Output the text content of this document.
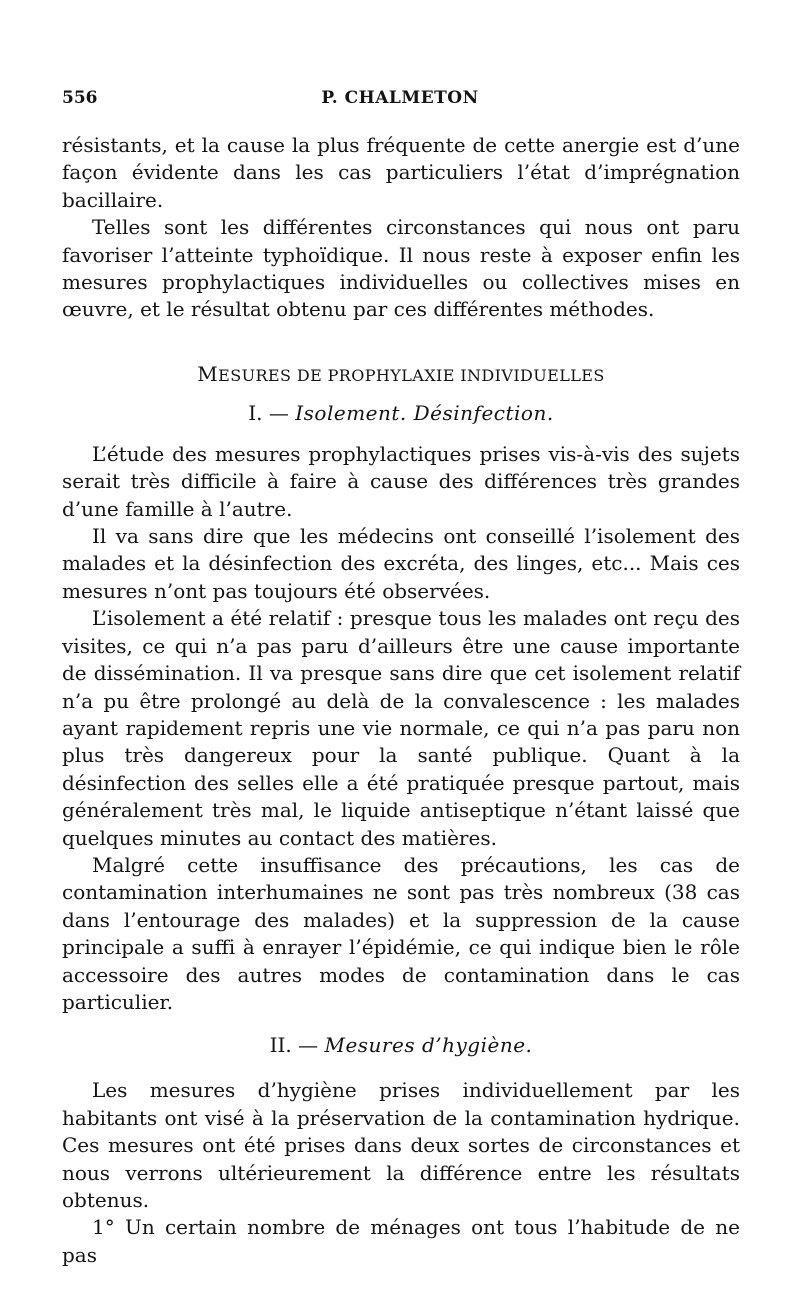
556	P. CHALMETON

résistants, et la cause la plus fréquente de cette anergie est d’une façon évidente dans les cas particuliers l’état d’imprégnation bacillaire.

Telles sont les différentes circonstances qui nous ont paru favoriser l’atteinte typhoïdique. Il nous reste à exposer enfin les mesures prophylactiques individuelles ou collectives mises en œuvre, et le résultat obtenu par ces différentes méthodes.

MESURES DE PROPHYLAXIE INDIVIDUELLES
I. — Isolement. Désinfection.

L’étude des mesures prophylactiques prises vis-à-vis des sujets serait très difficile à faire à cause des différences très grandes d’une famille à l’autre.

Il va sans dire que les médecins ont conseillé l’isolement des malades et la désinfection des excréta, des linges, etc... Mais ces mesures n’ont pas toujours été observées.

L’isolement a été relatif : presque tous les malades ont reçu des visites, ce qui n’a pas paru d’ailleurs être une cause importante de dissémination. Il va presque sans dire que cet isolement relatif n’a pu être prolongé au delà de la convalescence : les malades ayant rapidement repris une vie normale, ce qui n’a pas paru non plus très dangereux pour la santé publique. Quant à la désinfection des selles elle a été pratiquée presque partout, mais généralement très mal, le liquide antiseptique n’étant laissé que quelques minutes au contact des matières.

Malgré cette insuffisance des précautions, les cas de contamination interhumaines ne sont pas très nombreux (38 cas dans l’entourage des malades) et la suppression de la cause principale a suffi à enrayer l’épidémie, ce qui indique bien le rôle accessoire des autres modes de contamination dans le cas particulier.

II. — Mesures d’hygiène.

Les mesures d’hygiène prises individuellement par les habitants ont visé à la préservation de la contamination hydrique. Ces mesures ont été prises dans deux sortes de circonstances et nous verrons ultérieurement la différence entre les résultats obtenus.

1° Un certain nombre de ménages ont tous l’habitude de ne pas
